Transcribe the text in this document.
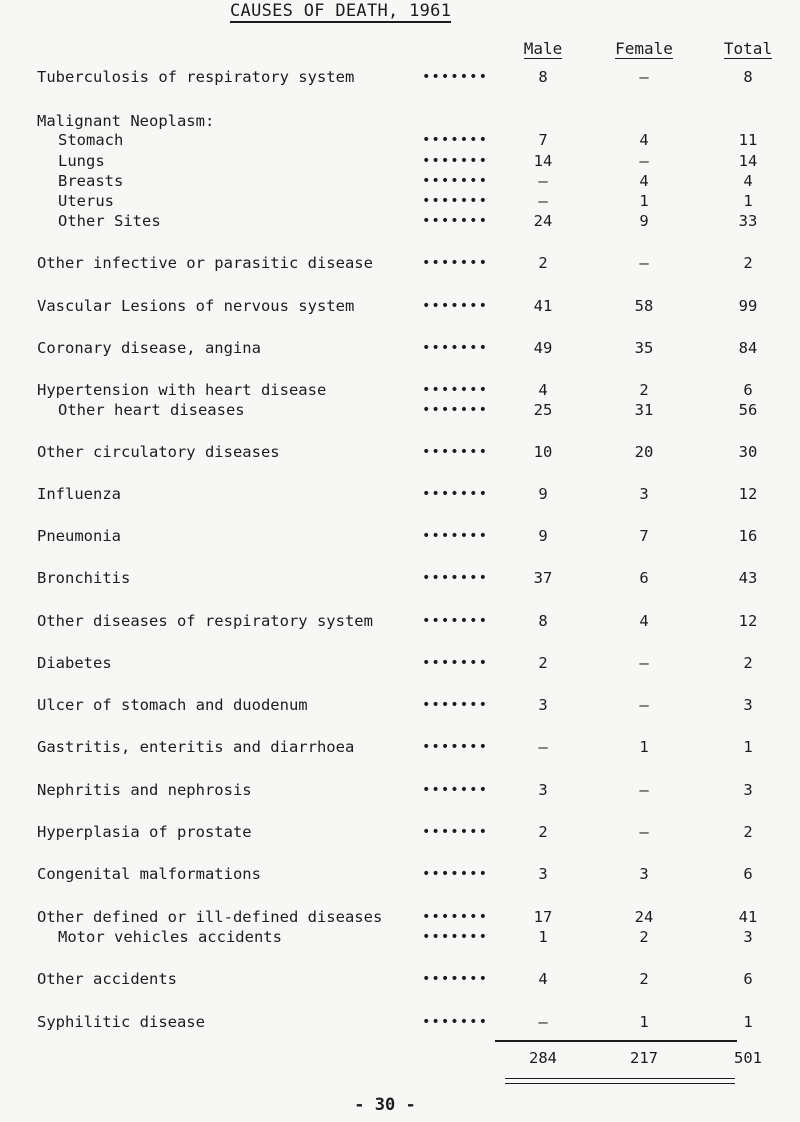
CAUSES OF DEATH, 1961
Male	Female	Total
Tuberculosis of respiratory system	•••••••	8	–	8
Malignant Neoplasm:
Stomach	•••••••	7	4	11
Lungs	•••••••	14	–	14
Breasts	•••••••	–	4	4
Uterus	•••••••	–	1	1
Other Sites	•••••••	24	9	33
Other infective or parasitic disease	•••••••	2	–	2
Vascular Lesions of nervous system	•••••••	41	58	99
Coronary disease, angina	•••••••	49	35	84
Hypertension with heart disease	•••••••	4	2	6
Other heart diseases	•••••••	25	31	56
Other circulatory diseases	•••••••	10	20	30
Influenza	•••••••	9	3	12
Pneumonia	•••••••	9	7	16
Bronchitis	•••••••	37	6	43
Other diseases of respiratory system	•••••••	8	4	12
Diabetes	•••••••	2	–	2
Ulcer of stomach and duodenum	•••••••	3	–	3
Gastritis, enteritis and diarrhoea	•••••••	–	1	1
Nephritis and nephrosis	•••••••	3	–	3
Hyperplasia of prostate	•••••••	2	–	2
Congenital malformations	•••••••	3	3	6
Other defined or ill-defined diseases	•••••••	17	24	41
Motor vehicles accidents	•••••••	1	2	3
Other accidents	•••••••	4	2	6
Syphilitic disease	•••••••	–	1	1
284	217	501
- 30 -
